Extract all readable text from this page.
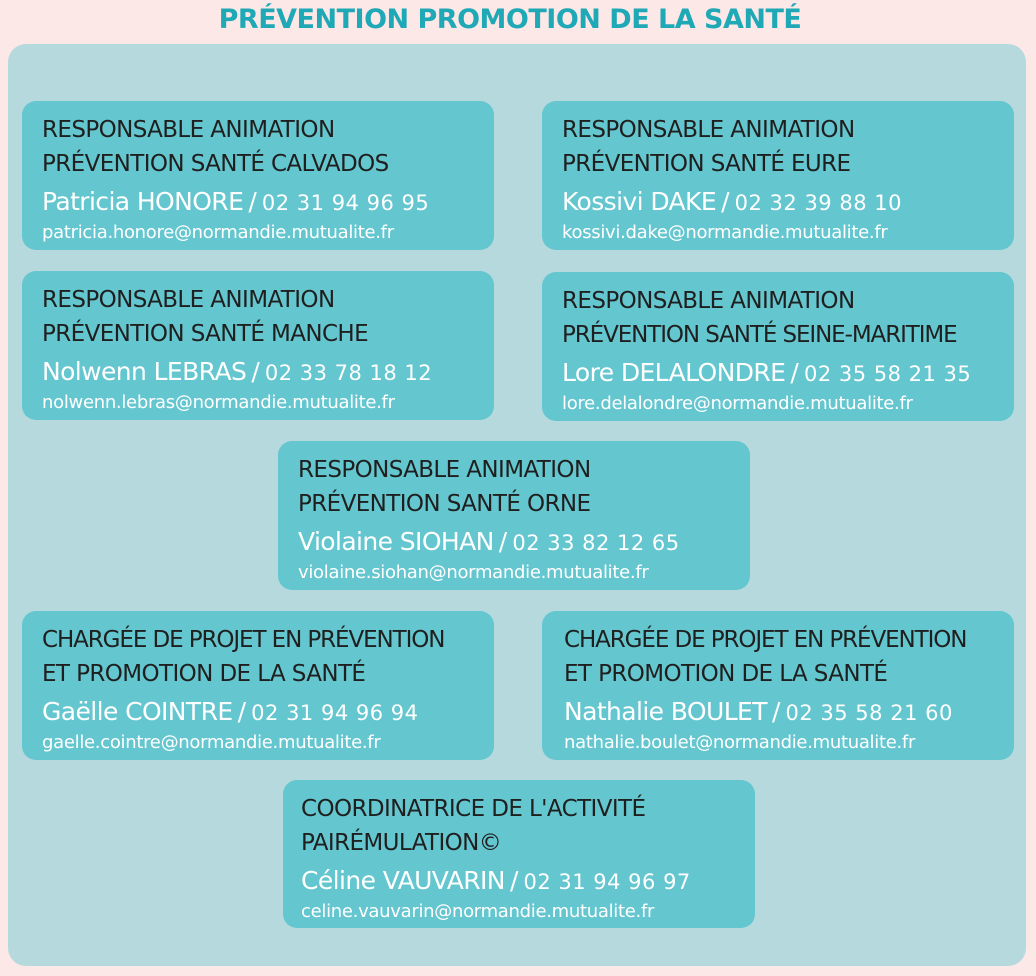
PRÉVENTION PROMOTION DE LA SANTÉ
RESPONSABLE ANIMATION
PRÉVENTION SANTÉ CALVADOS
Patricia HONORE / 02 31 94 96 95
patricia.honore@normandie.mutualite.fr
RESPONSABLE ANIMATION
PRÉVENTION SANTÉ EURE
Kossivi DAKE / 02 32 39 88 10
kossivi.dake@normandie.mutualite.fr
RESPONSABLE ANIMATION
PRÉVENTION SANTÉ MANCHE
Nolwenn LEBRAS / 02 33 78 18 12
nolwenn.lebras@normandie.mutualite.fr
RESPONSABLE ANIMATION
PRÉVENTION SANTÉ SEINE-MARITIME
Lore DELALONDRE / 02 35 58 21 35
lore.delalondre@normandie.mutualite.fr
RESPONSABLE ANIMATION
PRÉVENTION SANTÉ ORNE
Violaine SIOHAN / 02 33 82 12 65
violaine.siohan@normandie.mutualite.fr
CHARGÉE DE PROJET EN PRÉVENTION
ET PROMOTION DE LA SANTÉ
Gaëlle COINTRE / 02 31 94 96 94
gaelle.cointre@normandie.mutualite.fr
CHARGÉE DE PROJET EN PRÉVENTION
ET PROMOTION DE LA SANTÉ
Nathalie BOULET / 02 35 58 21 60
nathalie.boulet@normandie.mutualite.fr
COORDINATRICE DE L'ACTIVITÉ
PAIRÉMULATION©
Céline VAUVARIN / 02 31 94 96 97
celine.vauvarin@normandie.mutualite.fr
